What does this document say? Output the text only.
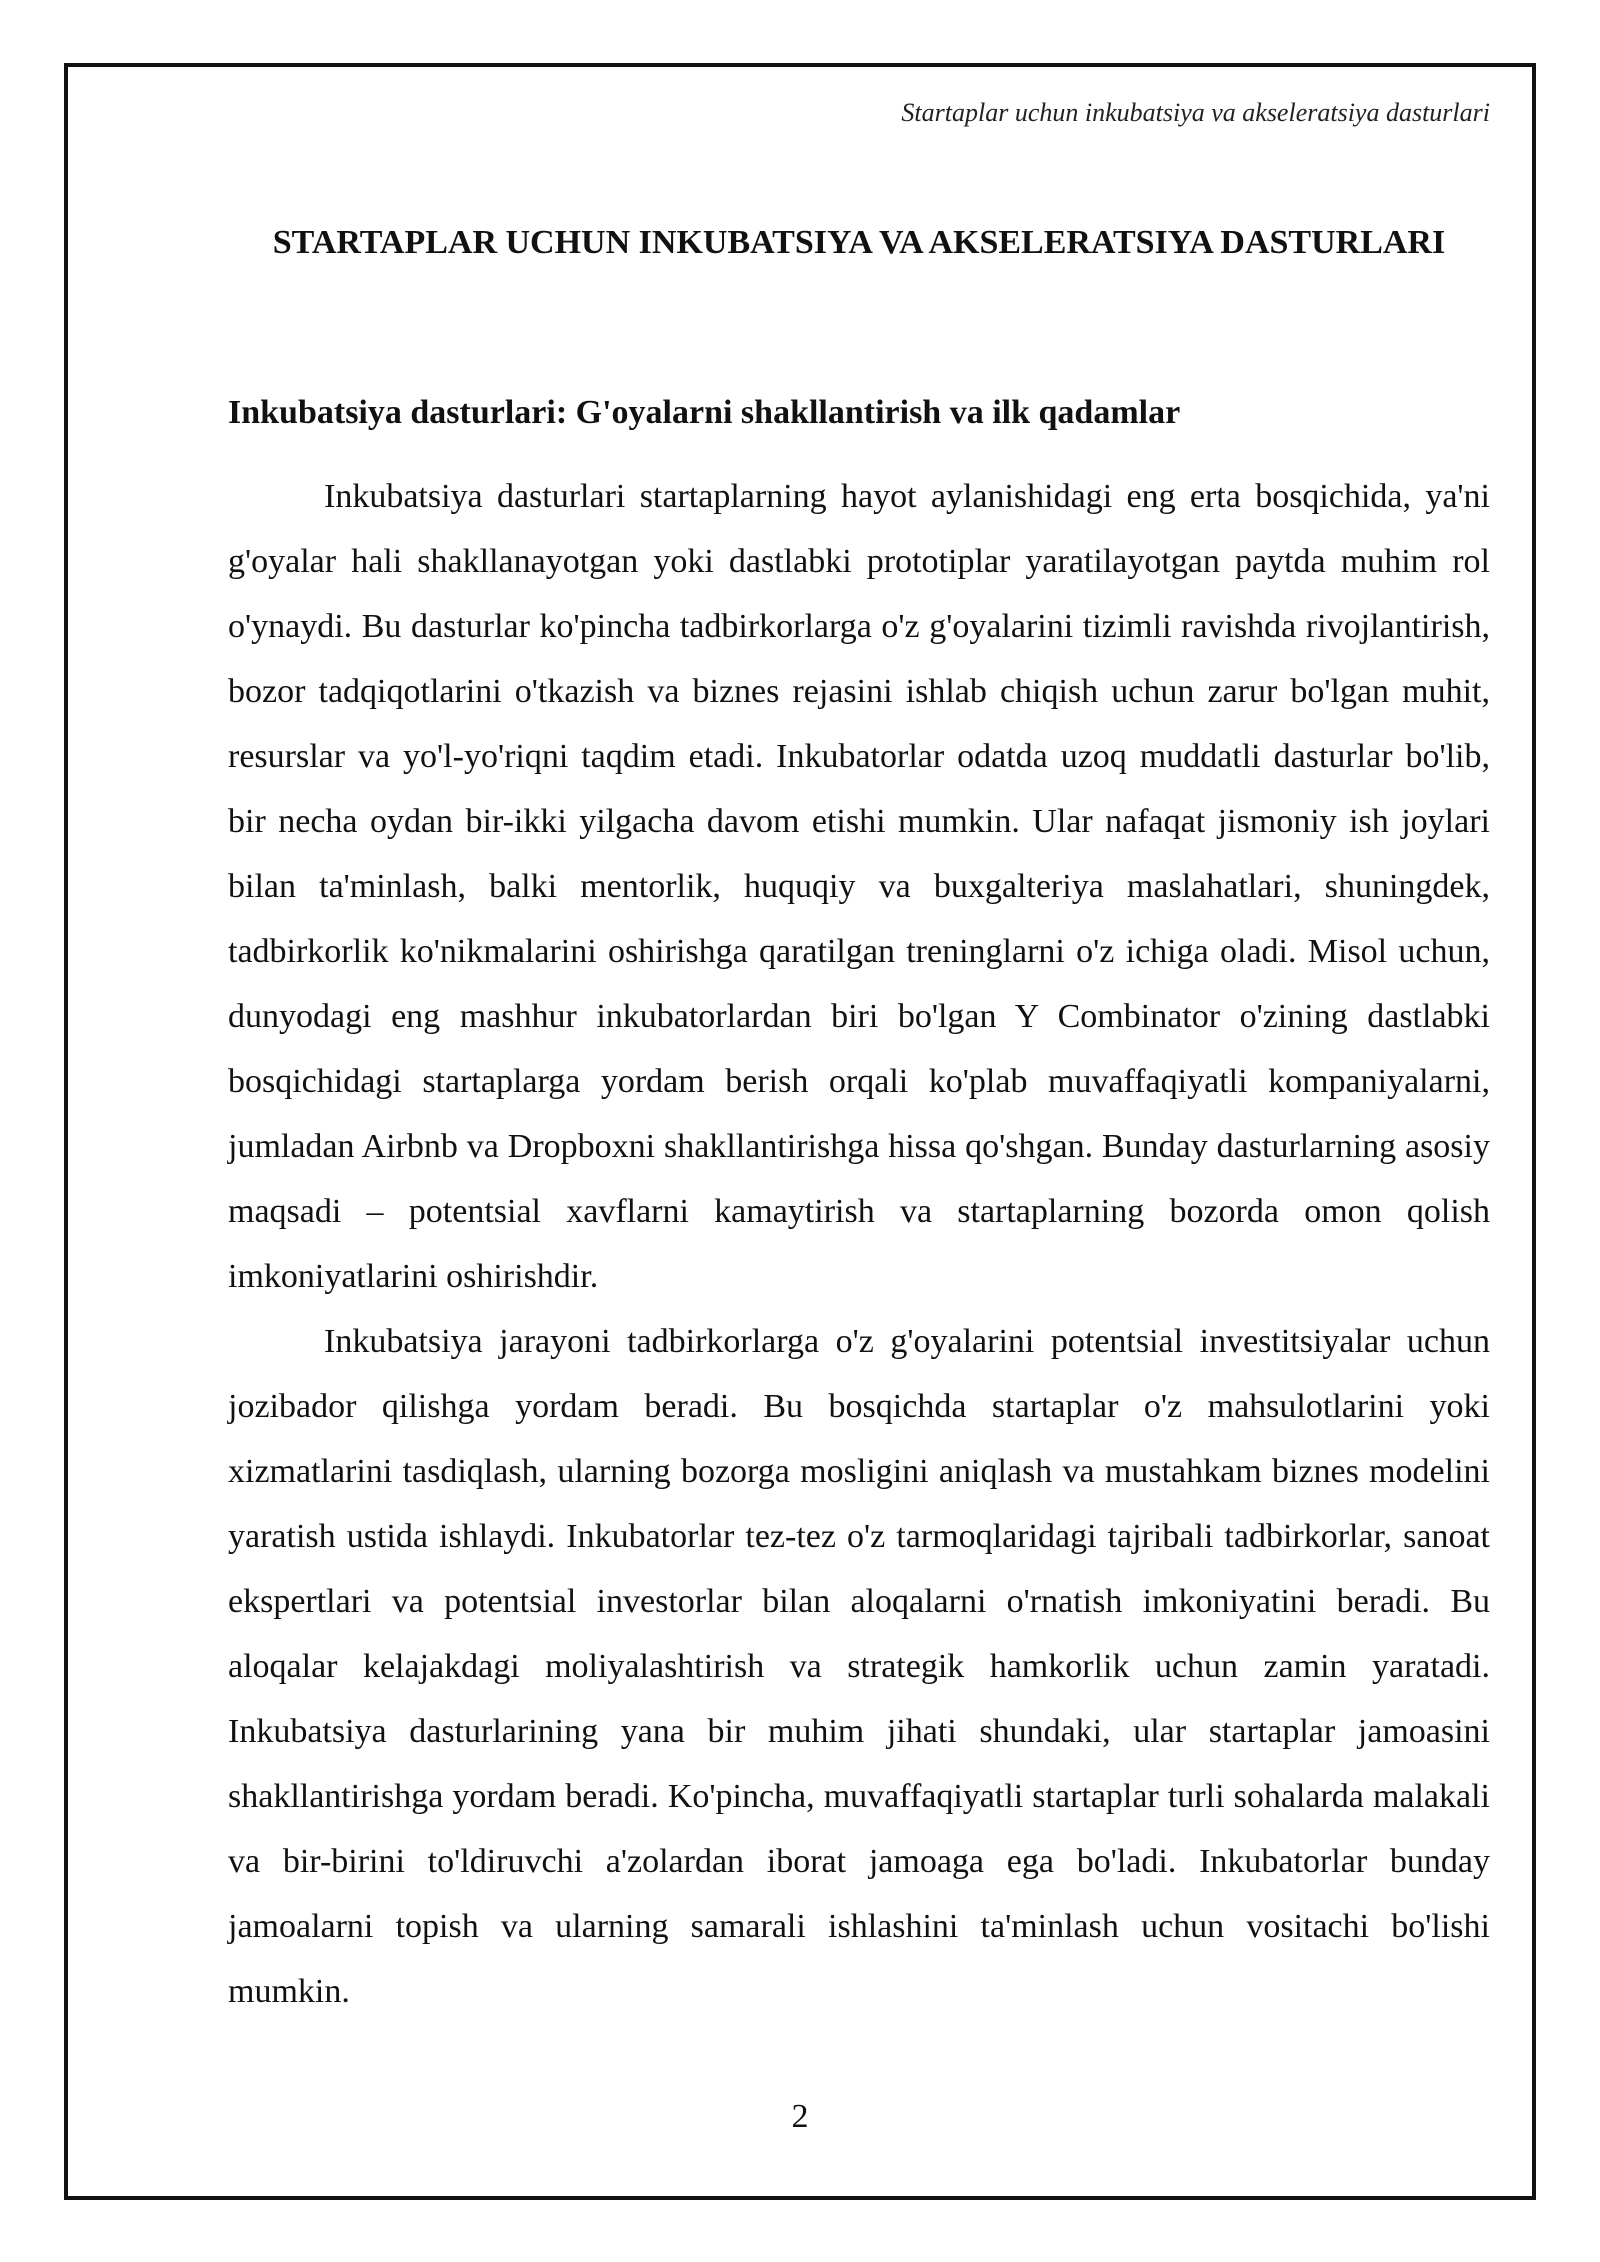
Startaplar uchun inkubatsiya va akseleratsiya dasturlari
STARTAPLAR UCHUN INKUBATSIYA VA AKSELERATSIYA DASTURLARI
Inkubatsiya dasturlari: G'oyalarni shakllantirish va ilk qadamlar

Inkubatsiya dasturlari startaplarning hayot aylanishidagi eng erta bosqichida, ya'ni g'oyalar hali shakllanayotgan yoki dastlabki prototiplar yaratilayotgan paytda muhim rol o'ynaydi. Bu dasturlar ko'pincha tadbirkorlarga o'z g'oyalarini tizimli ravishda rivojlantirish, bozor tadqiqotlarini o'tkazish va biznes rejasini ishlab chiqish uchun zarur bo'lgan muhit, resurslar va yo'l-yo'riqni taqdim etadi. Inkubatorlar odatda uzoq muddatli dasturlar bo'lib, bir necha oydan bir-ikki yilgacha davom etishi mumkin. Ular nafaqat jismoniy ish joylari bilan ta'minlash, balki mentorlik, huquqiy va buxgalteriya maslahatlari, shuningdek, tadbirkorlik ko'nikmalarini oshirishga qaratilgan treninglarni o'z ichiga oladi. Misol uchun, dunyodagi eng mashhur inkubatorlardan biri bo'lgan Y Combinator o'zining dastlabki bosqichidagi startaplarga yordam berish orqali ko'plab muvaffaqiyatli kompaniyalarni, jumladan Airbnb va Dropboxni shakllantirishga hissa qo'shgan. Bunday dasturlarning asosiy maqsadi – potentsial xavflarni kamaytirish va startaplarning bozorda omon qolish imkoniyatlarini oshirishdir.

Inkubatsiya jarayoni tadbirkorlarga o'z g'oyalarini potentsial investitsiyalar uchun jozibador qilishga yordam beradi. Bu bosqichda startaplar o'z mahsulotlarini yoki xizmatlarini tasdiqlash, ularning bozorga mosligini aniqlash va mustahkam biznes modelini yaratish ustida ishlaydi. Inkubatorlar tez-tez o'z tarmoqlaridagi tajribali tadbirkorlar, sanoat ekspertlari va potentsial investorlar bilan aloqalarni o'rnatish imkoniyatini beradi. Bu aloqalar kelajakdagi moliyalashtirish va strategik hamkorlik uchun zamin yaratadi. Inkubatsiya dasturlarining yana bir muhim jihati shundaki, ular startaplar jamoasini shakllantirishga yordam beradi. Ko'pincha, muvaffaqiyatli startaplar turli sohalarda malakali va bir-birini to'ldiruvchi a'zolardan iborat jamoaga ega bo'ladi. Inkubatorlar bunday jamoalarni topish va ularning samarali ishlashini ta'minlash uchun vositachi bo'lishi mumkin.

2
